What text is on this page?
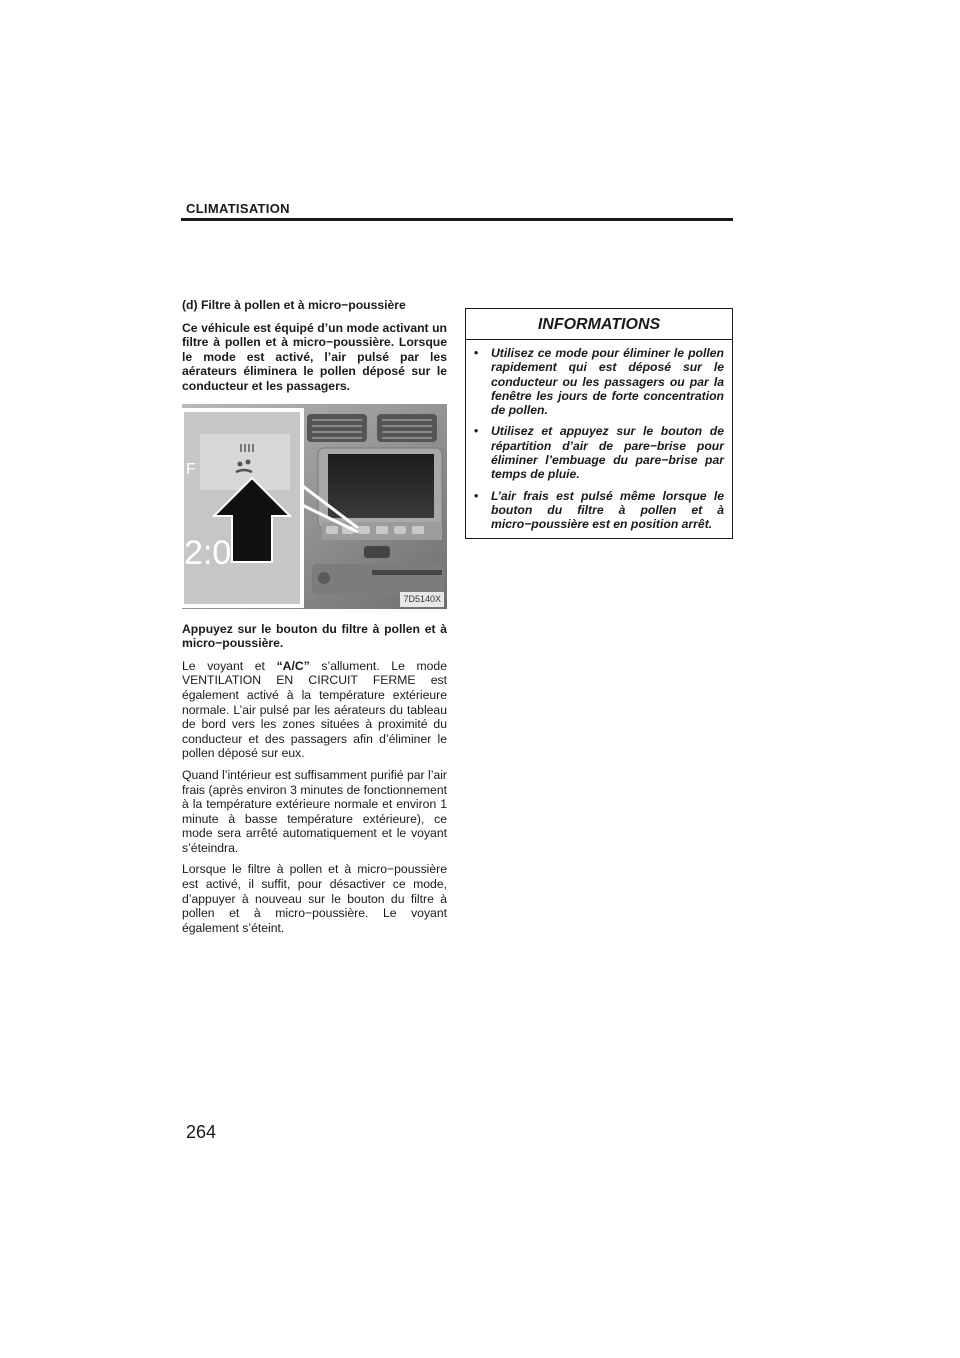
CLIMATISATION

(d) Filtre à pollen et à micro−poussière

Ce véhicule est équipé d’un mode activant un filtre à pollen et à micro−poussière. Lorsque le mode est activé, l’air pulsé par les aérateurs éliminera le pollen déposé sur le conducteur et les passagers.

F
2:0
7D5140X

Appuyez sur le bouton du filtre à pollen et à micro−poussière.

Le voyant et “A/C” s’allument. Le mode VENTILATION EN CIRCUIT FERME est également activé à la température extérieure normale. L’air pulsé par les aérateurs du tableau de bord vers les zones situées à proximité du conducteur et des passagers afin d’éliminer le pollen déposé sur eux.

Quand l’intérieur est suffisamment purifié par l’air frais (après environ 3 minutes de fonctionnement à la température extérieure normale et environ 1 minute à basse température extérieure), ce mode sera arrêté automatiquement et le voyant s’éteindra.

Lorsque le filtre à pollen et à micro−poussière est activé, il suffit, pour désactiver ce mode, d’appuyer à nouveau sur le bouton du filtre à pollen et à micro−poussière. Le voyant également s’éteint.

INFORMATIONS
• Utilisez ce mode pour éliminer le pollen rapidement qui est déposé sur le conducteur ou les passagers ou par la fenêtre les jours de forte concentration de pollen.
• Utilisez et appuyez sur le bouton de répartition d’air de pare−brise pour éliminer l’embuage du pare−brise par temps de pluie.
• L’air frais est pulsé même lorsque le bouton du filtre à pollen et à micro−poussière est en position arrêt.
264
